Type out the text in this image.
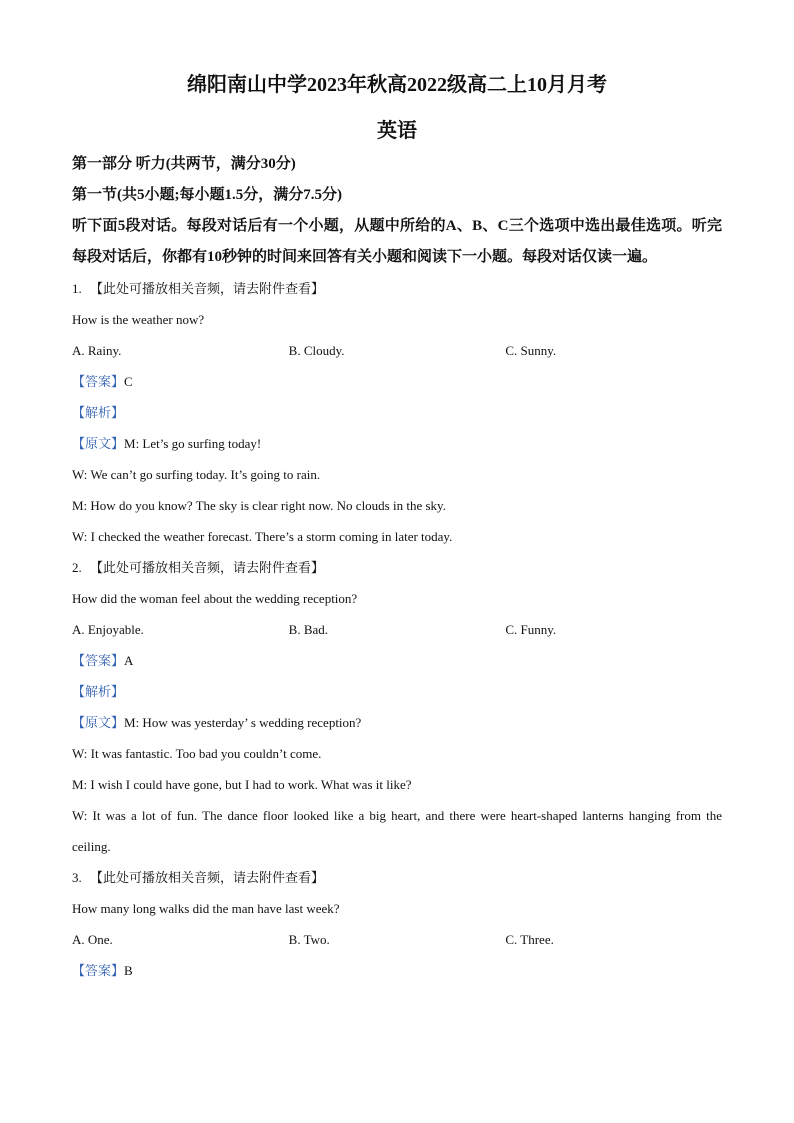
绵阳南山中学2023年秋高2022级高二上10月月考
英语
第一部分 听力(共两节，满分30分)
第一节(共5小题;每小题1.5分，满分7.5分)

听下面5段对话。每段对话后有一个小题，从题中所给的A、B、C三个选项中选出最佳选项。听完每段对话后，你都有10秒钟的时间来回答有关小题和阅读下一小题。每段对话仅读一遍。

1. 【此处可播放相关音频，请去附件查看】
How is the weather now?
A. Rainy.	B. Cloudy.	C. Sunny.
【答案】C
【解析】
【原文】M: Let’s go surfing today!
W: We can’t go surfing today. It’s going to rain.
M: How do you know? The sky is clear right now. No clouds in the sky.
W: I checked the weather forecast. There’s a storm coming in later today.
2. 【此处可播放相关音频，请去附件查看】
How did the woman feel about the wedding reception?
A. Enjoyable.	B. Bad.	C. Funny.
【答案】A
【解析】
【原文】M: How was yesterday’ s wedding reception?
W: It was fantastic. Too bad you couldn’t come.
M: I wish I could have gone, but I had to work. What was it like?
W: It was a lot of fun. The dance floor looked like a big heart, and there were heart-shaped lanterns hanging from the ceiling.
3. 【此处可播放相关音频，请去附件查看】
How many long walks did the man have last week?
A. One.	B. Two.	C. Three.
【答案】B
